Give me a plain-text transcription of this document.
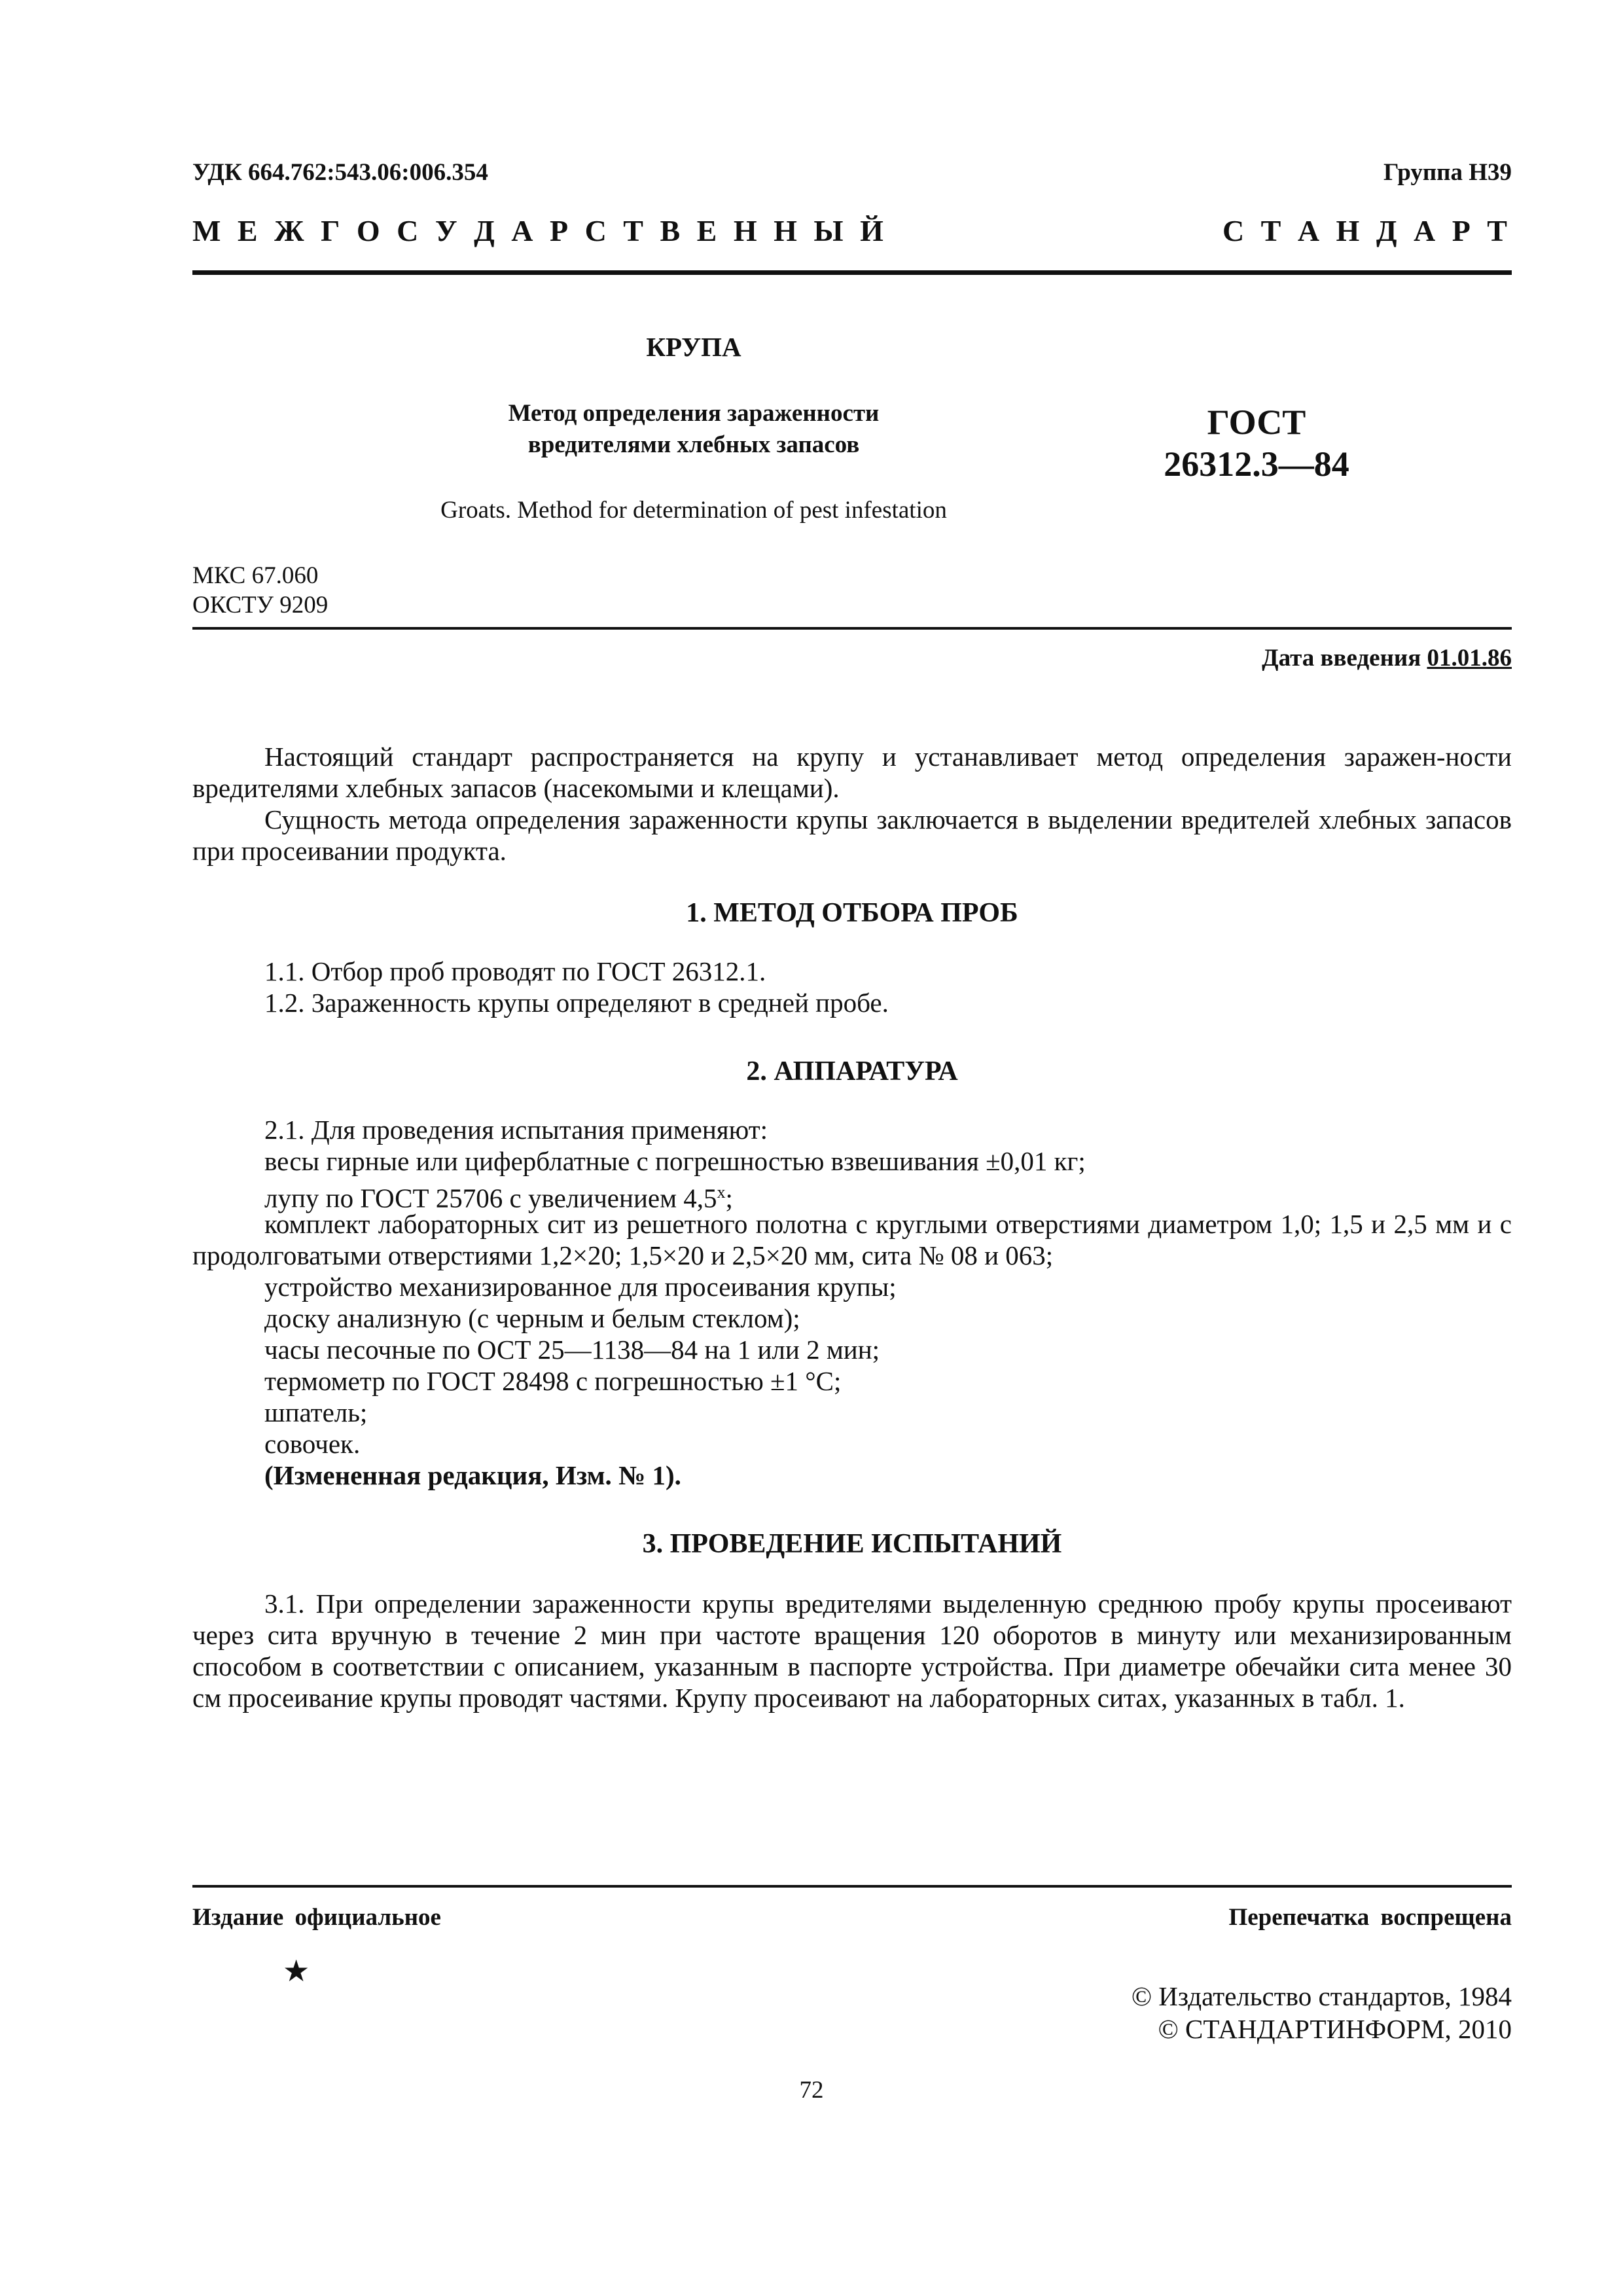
УДК 664.762:543.06:006.354	Группа Н39
М Е Ж Г О С У Д А Р С Т В Е Н Н Ы Й	С Т А Н Д А Р Т
КРУПА
Метод определения зараженности
вредителями хлебных запасов
ГОСТ
26312.3—84
Groats. Method for determination of pest infestation
МКС 67.060
ОКСТУ 9209
Дата введения 01.01.86
Настоящий стандарт распространяется на крупу и устанавливает метод определения заражен-ности вредителями хлебных запасов (насекомыми и клещами).
Сущность метода определения зараженности крупы заключается в выделении вредителей хлебных запасов при просеивании продукта.
1. МЕТОД ОТБОРА ПРОБ
1.1. Отбор проб проводят по ГОСТ 26312.1.
1.2. Зараженность крупы определяют в средней пробе.
2. АППАРАТУРА
2.1. Для проведения испытания применяют:
весы гирные или циферблатные с погрешностью взвешивания ±0,01 кг;
лупу по ГОСТ 25706 с увеличением 4,5$^x$;
комплект лабораторных сит из решетного полотна с круглыми отверстиями диаметром 1,0; 1,5 и 2,5 мм и с продолговатыми отверстиями 1,2×20; 1,5×20 и 2,5×20 мм, сита № 08 и 063;
устройство механизированное для просеивания крупы;
доску анализную (с черным и белым стеклом);
часы песочные по ОСТ 25—1138—84 на 1 или 2 мин;
термометр по ГОСТ 28498 с погрешностью ±1 °С;
шпатель;
совочек.
(Измененная редакция, Изм. № 1).
3. ПРОВЕДЕНИЕ ИСПЫТАНИЙ
3.1. При определении зараженности крупы вредителями выделенную среднюю пробу крупы просеивают через сита вручную в течение 2 мин при частоте вращения 120 оборотов в минуту или механизированным способом в соответствии с описанием, указанным в паспорте устройства. При диаметре обечайки сита менее 30 см просеивание крупы проводят частями. Крупу просеивают на лабораторных ситах, указанных в табл. 1.
Издание официальное	Перепечатка воспрещена
★
© Издательство стандартов, 1984
© СТАНДАРТИНФОРМ, 2010
72
